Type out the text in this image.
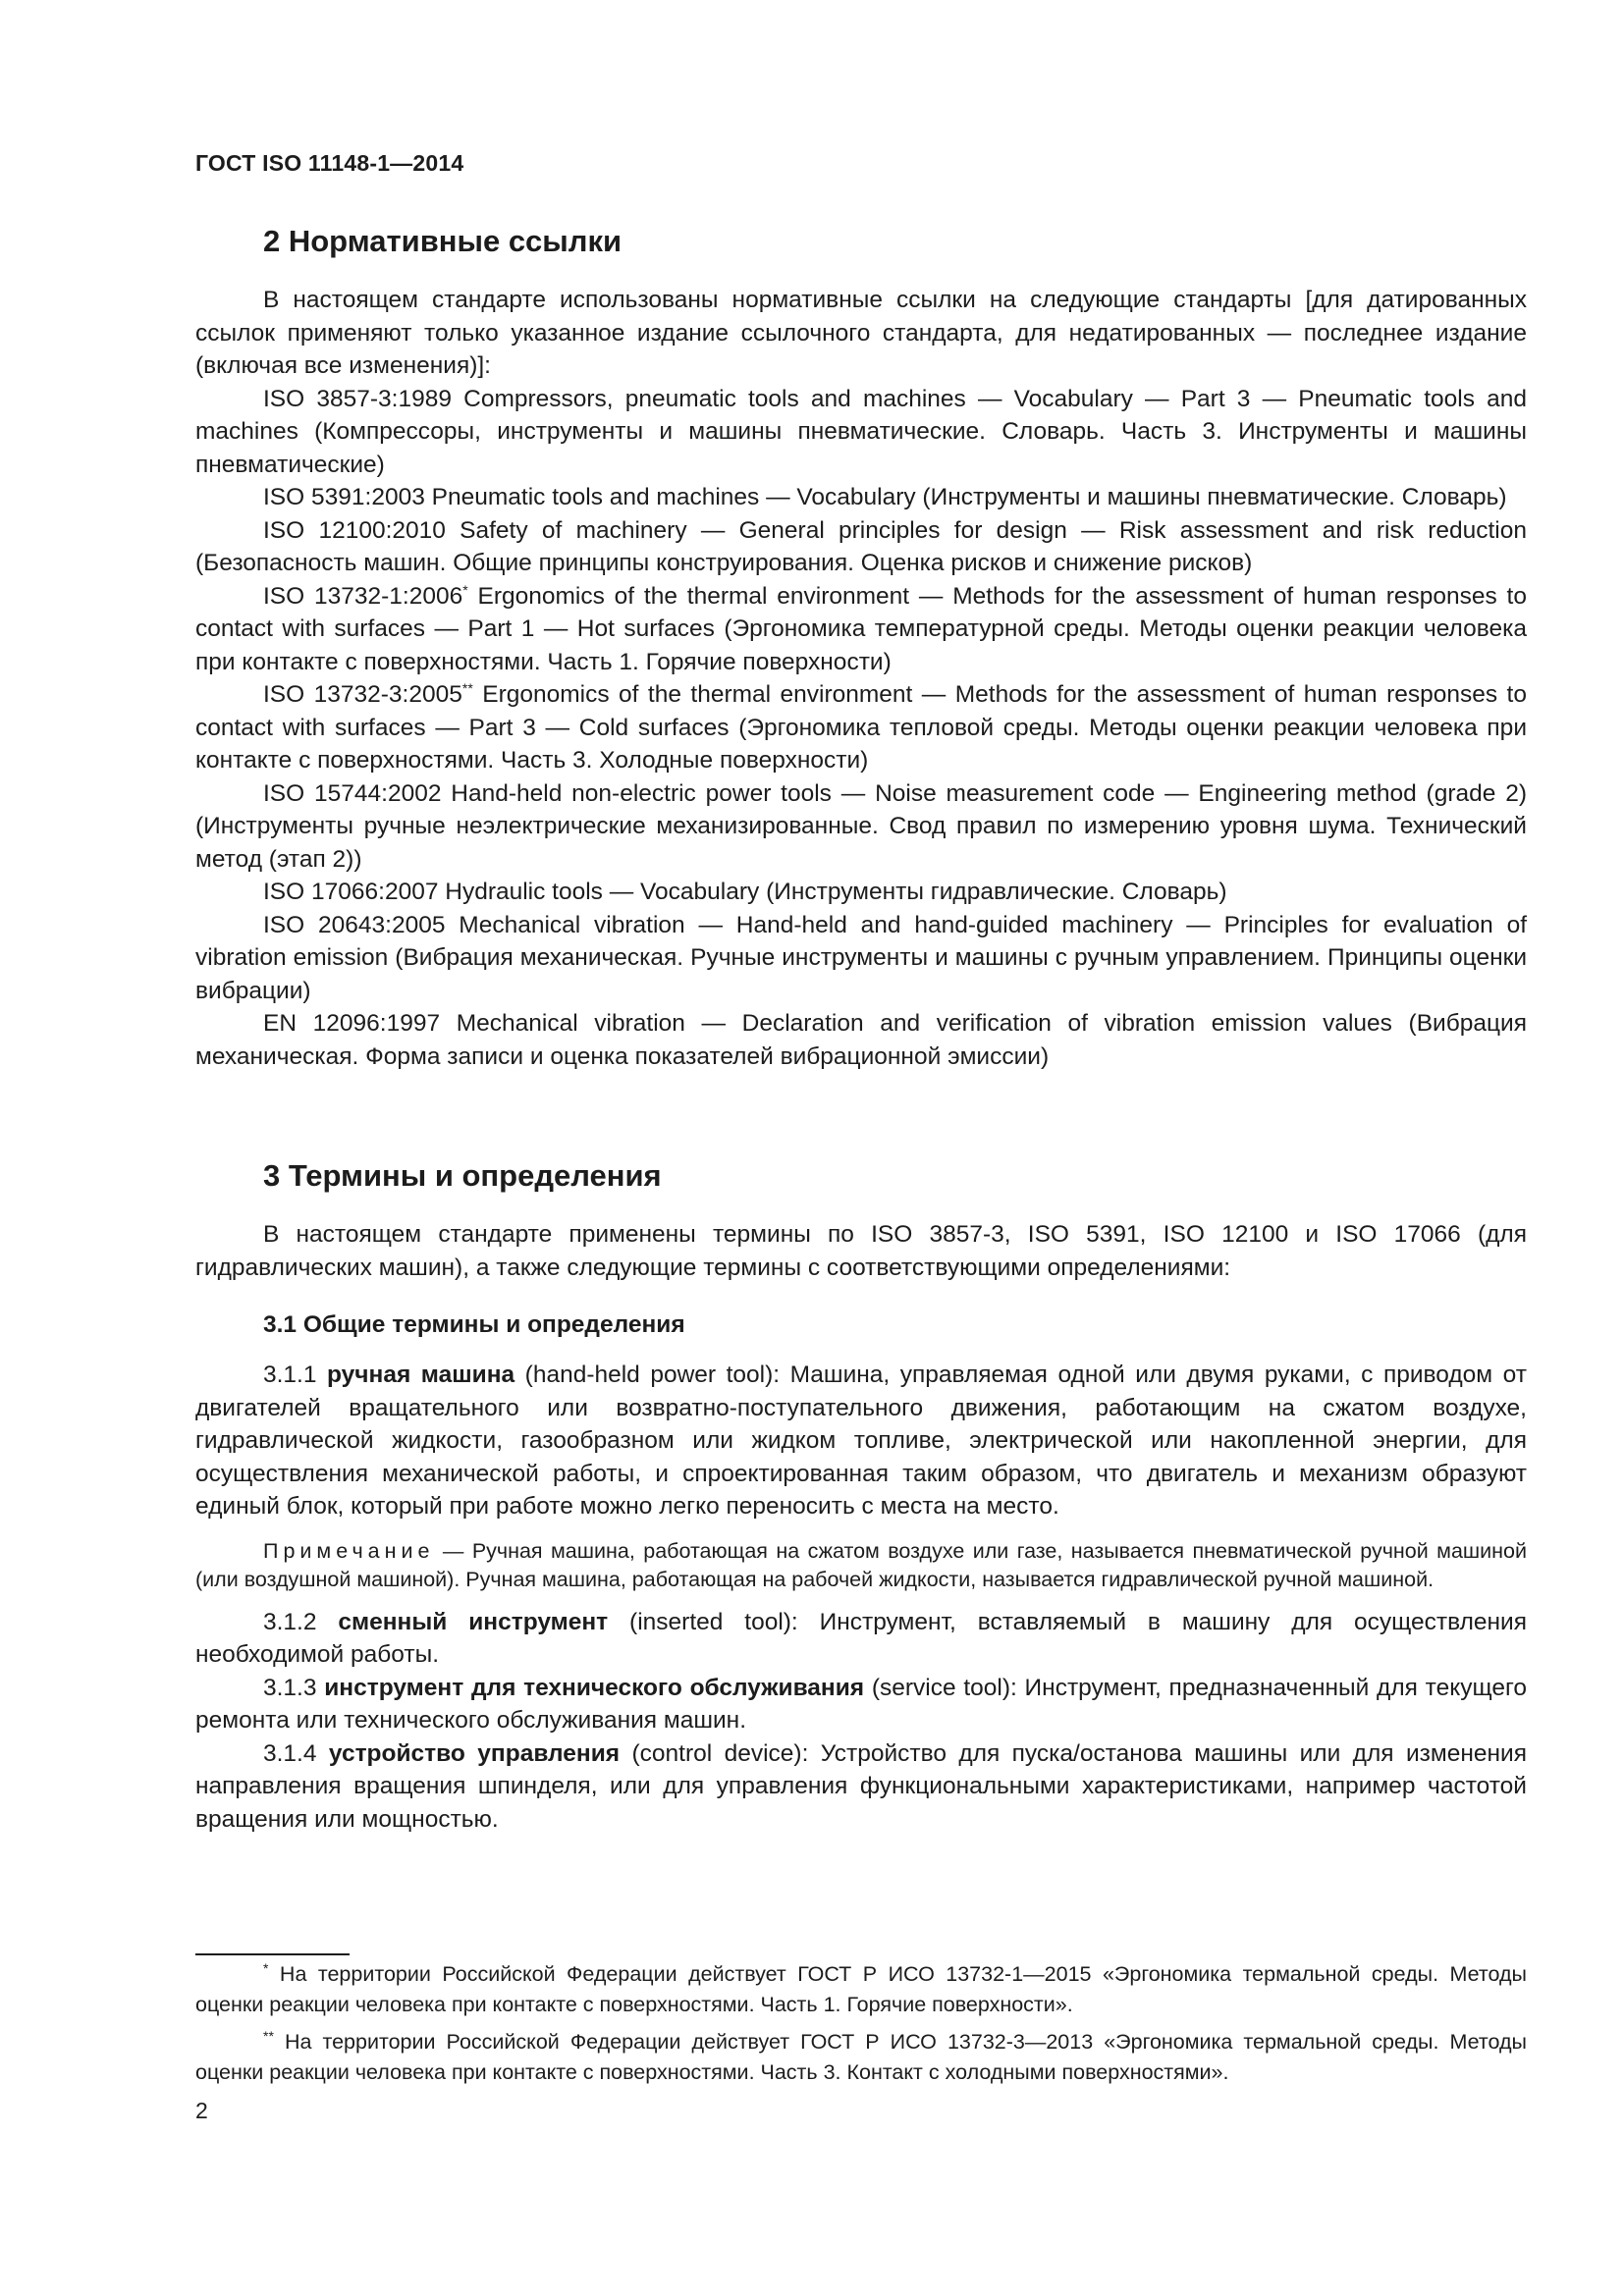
ГОСТ ISO 11148-1—2014
2 Нормативные ссылки

В настоящем стандарте использованы нормативные ссылки на следующие стандарты [для датированных ссылок применяют только указанное издание ссылочного стандарта, для недатированных — последнее издание (включая все изменения)]:

ISO 3857-3:1989 Compressors, pneumatic tools and machines — Vocabulary — Part 3 — Pneumatic tools and machines (Компрессоры, инструменты и машины пневматические. Словарь. Часть 3. Инструменты и машины пневматические)

ISO 5391:2003 Pneumatic tools and machines — Vocabulary (Инструменты и машины пневматические. Словарь)

ISO 12100:2010 Safety of machinery — General principles for design — Risk assessment and risk reduction (Безопасность машин. Общие принципы конструирования. Оценка рисков и снижение рисков)

ISO 13732-1:2006* Ergonomics of the thermal environment — Methods for the assessment of human responses to contact with surfaces — Part 1 — Hot surfaces (Эргономика температурной среды. Методы оценки реакции человека при контакте с поверхностями. Часть 1. Горячие поверхности)

ISO 13732-3:2005** Ergonomics of the thermal environment — Methods for the assessment of human responses to contact with surfaces — Part 3 — Cold surfaces (Эргономика тепловой среды. Методы оценки реакции человека при контакте с поверхностями. Часть 3. Холодные поверхности)

ISO 15744:2002 Hand-held non-electric power tools — Noise measurement code — Engineering method (grade 2) (Инструменты ручные неэлектрические механизированные. Свод правил по измерению уровня шума. Технический метод (этап 2))

ISO 17066:2007 Hydraulic tools — Vocabulary (Инструменты гидравлические. Словарь)

ISO 20643:2005 Mechanical vibration — Hand-held and hand-guided machinery — Principles for evaluation of vibration emission (Вибрация механическая. Ручные инструменты и машины с ручным управлением. Принципы оценки вибрации)

EN 12096:1997 Mechanical vibration — Declaration and verification of vibration emission values (Вибрация механическая. Форма записи и оценка показателей вибрационной эмиссии)

3 Термины и определения

В настоящем стандарте применены термины по ISO 3857-3, ISO 5391, ISO 12100 и ISO 17066 (для гидравлических машин), а также следующие термины с соответствующими определениями:

3.1 Общие термины и определения

3.1.1 ручная машина (hand-held power tool): Машина, управляемая одной или двумя руками, с приводом от двигателей вращательного или возвратно-поступательного движения, работающим на сжатом воздухе, гидравлической жидкости, газообразном или жидком топливе, электрической или накопленной энергии, для осуществления механической работы, и спроектированная таким образом, что двигатель и механизм образуют единый блок, который при работе можно легко переносить с места на место.

Примечание — Ручная машина, работающая на сжатом воздухе или газе, называется пневматической ручной машиной (или воздушной машиной). Ручная машина, работающая на рабочей жидкости, называется гидравлической ручной машиной.

3.1.2 сменный инструмент (inserted tool): Инструмент, вставляемый в машину для осуществления необходимой работы.

3.1.3 инструмент для технического обслуживания (service tool): Инструмент, предназначенный для текущего ремонта или технического обслуживания машин.

3.1.4 устройство управления (control device): Устройство для пуска/останова машины или для изменения направления вращения шпинделя, или для управления функциональными характеристиками, например частотой вращения или мощностью.

* На территории Российской Федерации действует ГОСТ Р ИСО 13732-1—2015 «Эргономика термальной среды. Методы оценки реакции человека при контакте с поверхностями. Часть 1. Горячие поверхности».

** На территории Российской Федерации действует ГОСТ Р ИСО 13732-3—2013 «Эргономика термальной среды. Методы оценки реакции человека при контакте с поверхностями. Часть 3. Контакт с холодными поверхностями».

2
